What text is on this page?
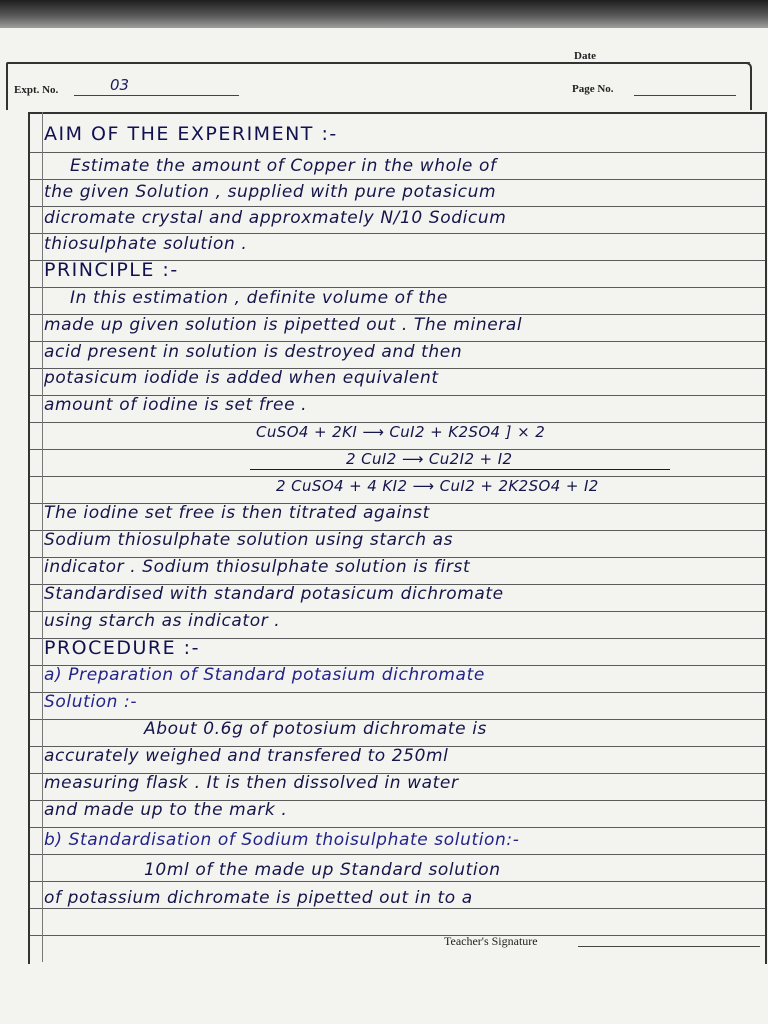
Date
Expt. No.	03	Page No.
AIM OF THE EXPERIMENT :-
Estimate the amount of Copper in the whole of
the given Solution , supplied with pure potasicum
dicromate crystal and approxmately N/10 Sodicum
thiosulphate solution .
PRINCIPLE :-
In this estimation , definite volume of the
made up given solution is pipetted out . The mineral
acid present in solution is destroyed and then
potasicum iodide is added when equivalent
amount of iodine is set free .
CuSO4 + 2KI ⟶ CuI2 + K2SO4 ] × 2
2 CuI2 ⟶ Cu2I2 + I2
2 CuSO4 + 4 KI2 ⟶ CuI2 + 2K2SO4 + I2
The iodine set free is then titrated against
Sodium thiosulphate solution using starch as
indicator . Sodium thiosulphate solution is first
Standardised with standard potasicum dichromate
using starch as indicator .
PROCEDURE :-
a) Preparation of Standard potasium dichromate
Solution :-
About 0.6g of potosium dichromate is
accurately weighed and transfered to 250ml
measuring flask . It is then dissolved in water
and made up to the mark .
b) Standardisation of Sodium thoisulphate solution:-
10ml of the made up Standard solution
of potassium dichromate is pipetted out in to a
Teacher's Signature
